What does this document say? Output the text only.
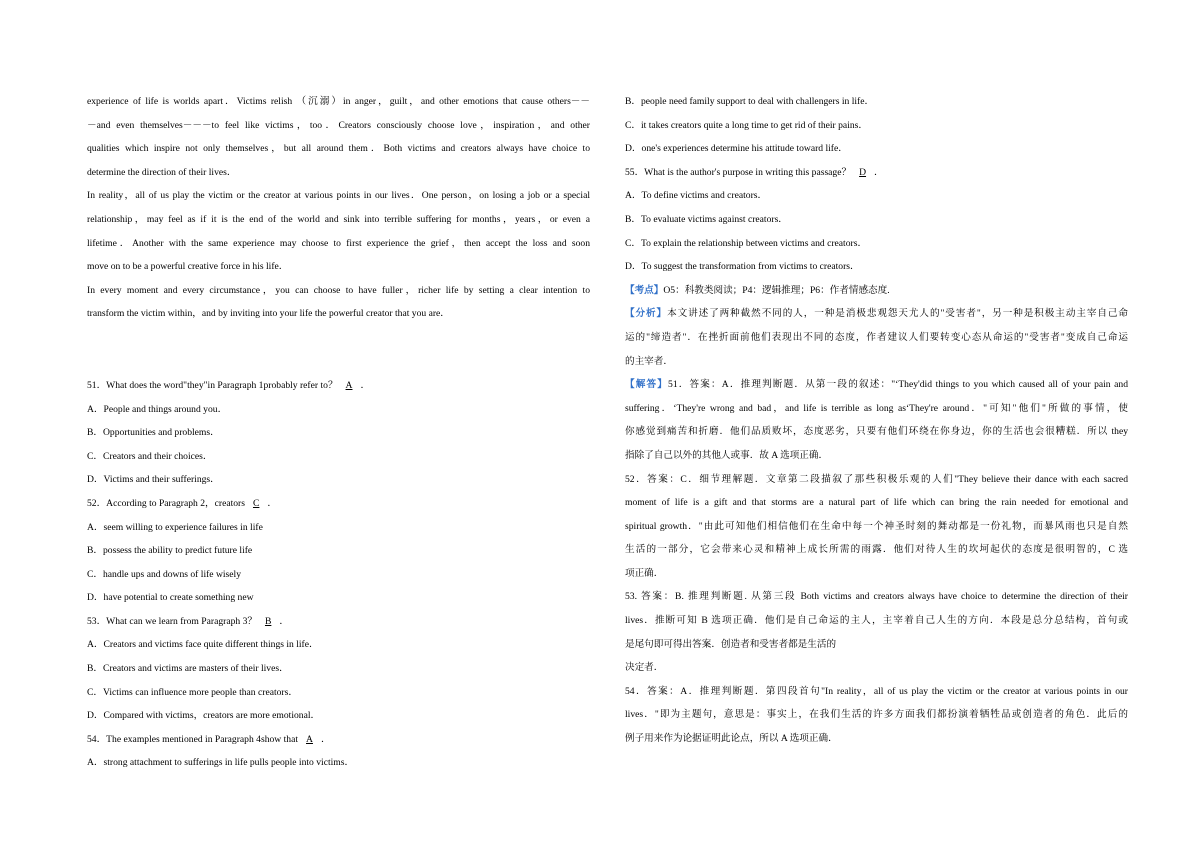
experience of life is worlds apart．Victims relish （沉溺）in anger，guilt，and other emotions that cause others－－

－and even themselves－－－to feel like victims，too．Creators consciously choose love，inspiration，and other

qualities which inspire not only themselves，but all around them．Both victims and creators always have choice to

determine the direction of their lives．

In reality，all of us play the victim or the creator at various points in our lives．One person，on losing a job or a special

relationship，may feel as if it is the end of the world and sink into terrible suffering for months，years，or even a

lifetime．Another with the same experience may choose to first experience the grief，then accept the loss and soon

move on to be a powerful creative force in his life．

In every moment and every circumstance，you can choose to have fuller，richer life by setting a clear intention to

transform the victim within，and by inviting into your life the powerful creator that you are．

51．What does the word"they"in Paragraph 1probably refer to？ A ．

A．People and things around you．

B．Opportunities and problems．

C．Creators and their choices．

D．Victims and their sufferings．

52．According to Paragraph 2，creators C ．

A．seem willing to experience failures in life

B．possess the ability to predict future life

C．handle ups and downs of life wisely

D．have potential to create something new

53．What can we learn from Paragraph 3？ B ．

A．Creators and victims face quite different things in life．

B．Creators and victims are masters of their lives．

C．Victims can influence more people than creators．

D．Compared with victims，creators are more emotional．

54．The examples mentioned in Paragraph 4show that A ．

A．strong attachment to sufferings in life pulls people into victims．

B．people need family support to deal with challengers in life．

C．it takes creators quite a long time to get rid of their pains．

D．one's experiences determine his attitude toward life．

55．What is the author's purpose in writing this passage？ D ．

A．To define victims and creators．

B．To evaluate victims against creators．

C．To explain the relationship between victims and creators．

D．To suggest the transformation from victims to creators．

【考点】O5：科教类阅读；P4：逻辑推理；P6：作者情感态度.

【分析】本文讲述了两种截然不同的人，一种是消极悲观怨天尤人的"受害者"，另一种是积极主动主宰自己命

运的"缔造者"．在挫折面前他们表现出不同的态度，作者建议人们要转变心态从命运的"受害者"变成自己命运

的主宰者．

【解答】51．答案：A．推理判断题．从第一段的叙述："‘They'did things to you which caused all of your pain and

suffering．‘They're wrong and bad，and life is terrible as long as‘They're around．"可知"他们"所做的事情，使

你感觉到痛苦和折磨．他们品质败坏，态度恶劣，只要有他们环绕在你身边，你的生活也会很糟糕．所以 they

指除了自己以外的其他人或事．故 A 选项正确．

52．答案：C．细节理解题．文章第二段描叙了那些积极乐观的人们"They believe their dance with each sacred

moment of life is a gift and that storms are a natural part of life which can bring the rain needed for emotional and

spiritual growth．"由此可知他们相信他们在生命中每一个神圣时刻的舞动都是一份礼物，而暴风雨也只是自然

生活的一部分，它会带来心灵和精神上成长所需的雨露．他们对待人生的坎坷起伏的态度是很明智的，C 选

项正确．

53. 答案：B. 推理判断题. 从第三段 Both victims and creators always have choice to determine the direction of their

lives．推断可知 B 选项正确．他们是自己命运的主人，主宰着自己人生的方向．本段是总分总结构，首句或

是尾句即可得出答案．创造者和受害者都是生活的

决定者．

54．答案：A．推理判断题．第四段首句"In reality，all of us play the victim or the creator at various points in our

lives．"即为主题句，意思是：事实上，在我们生活的许多方面我们都扮演着牺牲品或创造者的角色．此后的

例子用来作为论据证明此论点，所以 A 选项正确．
